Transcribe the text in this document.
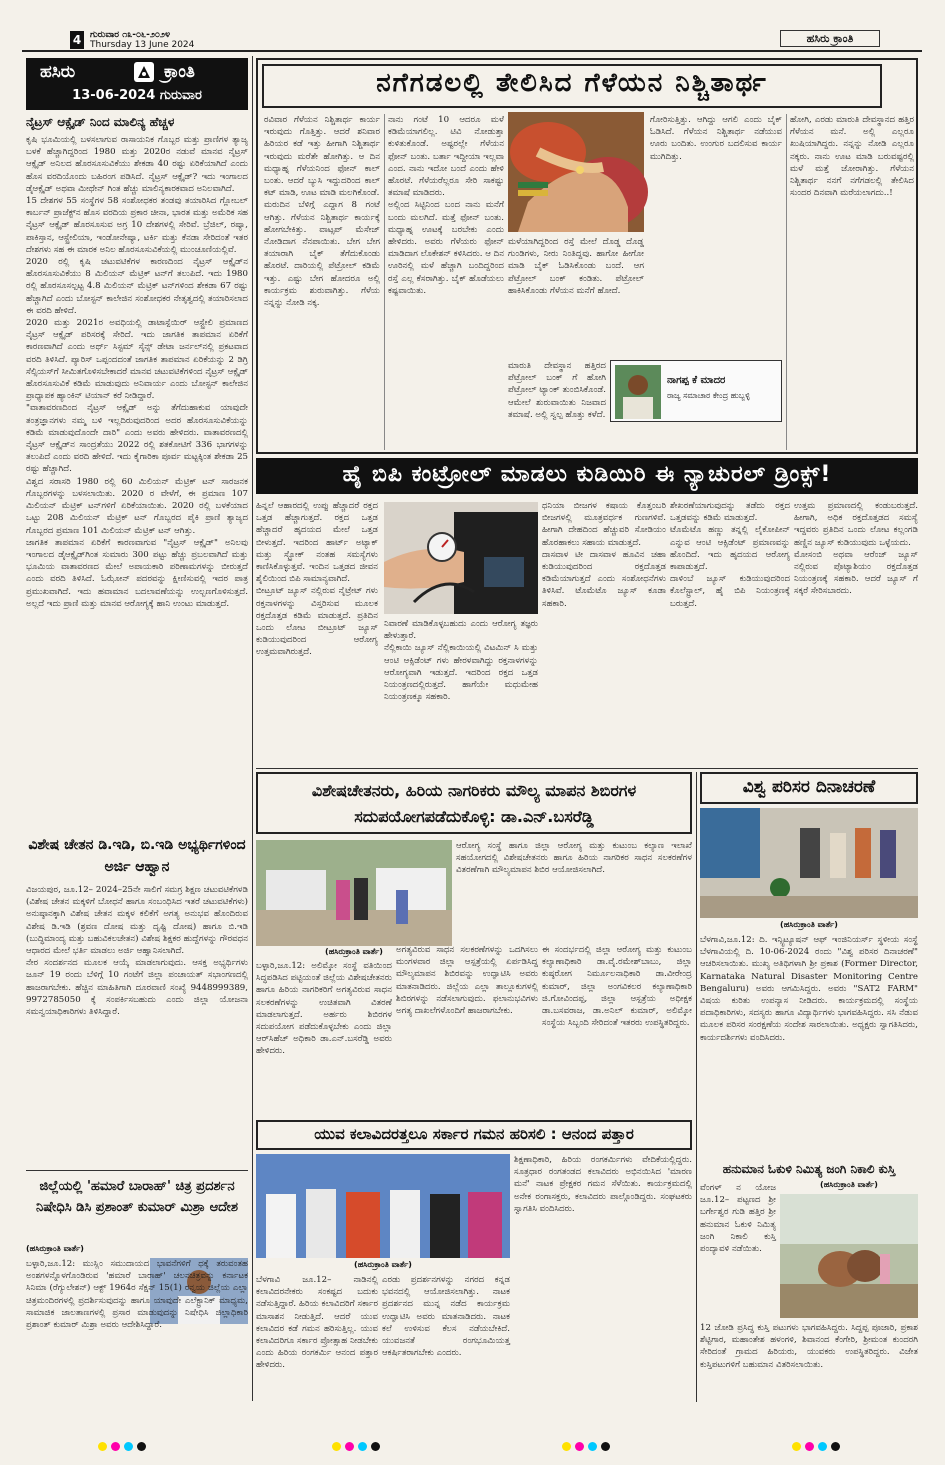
4 ಗುರುವಾರ ೧೩-೦೬-೨೦೨೪
Thursday 13 June 2024	ಹಸಿರು ಕ್ರಾಂತಿ
ಹಸಿರು	ಕ್ರಾಂತಿ
13-06-2024 ಗುರುವಾರ
ನೈಟ್ರಸ್ ಆಕ್ಸೈಡ್ ನಿಂದ ಮಾಲಿನ್ಯ ಹೆಚ್ಚಳ
ಕೃಷಿ ಭೂಮಿಯಲ್ಲಿ ಬಳಸಲಾಗುವ ರಾಸಾಯನಿಕ ಗೊಬ್ಬರ ಮತ್ತು ಪ್ರಾಣಿಗಳ ತ್ಯಾಜ್ಯ ಬಳಕೆ ಹೆಚ್ಚಾಗಿದ್ದರಿಂದ 1980 ಮತ್ತು 2020ರ ನಡುವೆ ಮಾನವ ನೈಟ್ರಸ್ ಆಕ್ಸೈಡ್ ಅನಿಲದ ಹೊರಸೂಸುವಿಕೆಯು ಶೇಕಡಾ 40 ರಷ್ಟು ಏರಿಕೆಯಾಗಿದೆ ಎಂದು ಹೊಸ ವರದಿಯೊಂದು ಬಹಿರಂಗ ಪಡಿಸಿದೆ. ನೈಟ್ರಸ್ ಆಕ್ಸೈಡ್? ಇದು ಇಂಗಾಲದ ಡೈಆಕ್ಸೈಡ್ ಅಥವಾ ಮೀಥೇನ್ ಗಿಂತ ಹೆಚ್ಚು ಮಾಲಿನ್ಯಕಾರಕವಾದ ಅನಿಲವಾಗಿದೆ.
15 ದೇಶಗಳ 55 ಸಂಸ್ಥೆಗಳ 58 ಸಂಶೋಧಕರ ತಂಡವು ತಯಾರಿಸಿದ ಗ್ಲೋಬಲ್ ಕಾರ್ಬನ್ ಪ್ರಾಜೆಕ್ಟ್‌ನ ಹೊಸ ವರದಿಯ ಪ್ರಕಾರ ಚೀನಾ, ಭಾರತ ಮತ್ತು ಅಮೆರಿಕ ಸಹ ನೈಟ್ರಸ್ ಆಕ್ಸೈಡ್ ಹೊರಸೂಸುವ ಅಗ್ರ 10 ದೇಶಗಳಲ್ಲಿ ಸೇರಿವೆ. ಬ್ರೆಜಿಲ್, ರಷ್ಯಾ, ಪಾಕಿಸ್ತಾನ, ಆಸ್ಟ್ರೇಲಿಯಾ, ಇಂಡೋನೇಷ್ಯಾ, ಟರ್ಕಿ ಮತ್ತು ಕೆನಡಾ ಸೇರಿದಂತೆ ಇತರ ದೇಶಗಳು ಸಹ ಈ ಮಾರಕ ಅನಿಲ ಹೊರಸೂಸುವಿಕೆಯಲ್ಲಿ ಮುಂಚೂಣಿಯಲ್ಲಿವೆ.
2020 ರಲ್ಲಿ ಕೃಷಿ ಚಟುವಟಿಕೆಗಳ ಕಾರಣದಿಂದ ನೈಟ್ರಸ್ ಆಕ್ಸೈಡ್‌ನ ಹೊರಸೂಸುವಿಕೆಯು 8 ಮಿಲಿಯನ್ ಮೆಟ್ರಿಕ್ ಟನ್‌ಗೆ ತಲುಪಿದೆ. ಇದು 1980 ರಲ್ಲಿ ಹೊರಸೂಸಲ್ಪಟ್ಟ 4.8 ಮಿಲಿಯನ್ ಮೆಟ್ರಿಕ್ ಟನ್‌ಗಳಿಂದ ಶೇಕಡಾ 67 ರಷ್ಟು ಹೆಚ್ಚಾಗಿದೆ ಎಂದು ಬೋಸ್ಟನ್ ಕಾಲೇಜಿನ ಸಂಶೋಧಕರ ನೇತೃತ್ವದಲ್ಲಿ ತಯಾರಿಸಲಾದ ಈ ವರದಿ ಹೇಳಿದೆ.
2020 ಮತ್ತು 2021ರ ಅವಧಿಯಲ್ಲಿ ಡಾಟಾಸ್ಪೆಯಿರ್ ಆಸ್ಟ್ರೇಲಿ ಪ್ರಮಾಣದ ನೈಟ್ರಸ್ ಆಕ್ಸೈಡ್ ಪರಿಸರಕ್ಕೆ ಸೇರಿದೆ. ಇದು ಜಾಗತಿಕ ತಾಪಮಾನ ಏರಿಕೆಗೆ ಕಾರಣವಾಗಿದೆ ಎಂದು ಅರ್ಥ್ ಸಿಸ್ಟಮ್ ಸೈನ್ಸ್ ಡೇಟಾ ಜರ್ನಲ್‌ನಲ್ಲಿ ಪ್ರಕಟವಾದ ವರದಿ ತಿಳಿಸಿದೆ. ಪ್ಯಾರಿಸ್ ಒಪ್ಪಂದದಂತೆ ಜಾಗತಿಕ ತಾಪಮಾನ ಏರಿಕೆಯನ್ನು 2 ಡಿಗ್ರಿ ಸೆಲ್ಸಿಯಸ್‌ಗೆ ಸೀಮಿತಗೊಳಿಸಬೇಕಾದರೆ ಮಾನವ ಚಟುವಟಿಕೆಗಳಿಂದ ನೈಟ್ರಸ್ ಆಕ್ಸೈಡ್ ಹೊರಸೂಸುವಿಕೆ ಕಡಿಮೆ ಮಾಡುವುದು ಅನಿವಾರ್ಯ ಎಂದು ಬೋಸ್ಟನ್ ಕಾಲೇಜಿನ ಪ್ರಾಧ್ಯಾಪಕ ಹ್ಯಾಂಕಿನ್ ಟಿಯಾನ್ ಕರೆ ನೀಡಿದ್ದಾರೆ.
"ವಾತಾವರಣದಿಂದ ನೈಟ್ರಸ್ ಆಕ್ಸೈಡ್ ಅನ್ನು ತೆಗೆದುಹಾಕುವ ಯಾವುದೇ ತಂತ್ರಜ್ಞಾನಗಳು ನಮ್ಮ ಬಳಿ ಇಲ್ಲದಿರುವುದರಿಂದ ಅದರ ಹೊರಸೂಸುವಿಕೆಯನ್ನು ಕಡಿಮೆ ಮಾಡುವುದೊಂದೇ ದಾರಿ" ಎಂದು ಅವರು ಹೇಳಿದರು. ವಾತಾವರಣದಲ್ಲಿ ನೈಟ್ರಸ್ ಆಕ್ಸೈಡ್‌ನ ಸಾಂದ್ರತೆಯು 2022 ರಲ್ಲಿ ಶತಕೋಟಿಗೆ 336 ಭಾಗಗಳನ್ನು ತಲುಪಿದೆ ಎಂದು ವರದಿ ಹೇಳಿದೆ. ಇದು ಕೈಗಾರಿಕಾ ಪೂರ್ವ ಮಟ್ಟಕ್ಕಿಂತ ಶೇಕಡಾ 25 ರಷ್ಟು ಹೆಚ್ಚಾಗಿದೆ.
ವಿಶ್ವದ ಸರಾಸರಿ 1980 ರಲ್ಲಿ 60 ಮಿಲಿಯನ್ ಮೆಟ್ರಿಕ್ ಟನ್ ಸಾರಜನಕ ಗೊಬ್ಬರಗಳನ್ನು ಬಳಸಲಾಯಿತು. 2020 ರ ವೇಳೆಗೆ, ಈ ಪ್ರಮಾಣ 107 ಮಿಲಿಯನ್ ಮೆಟ್ರಿಕ್ ಟನ್‌ಗಳಿಗೆ ಏರಿಕೆಯಾಯಿತು. 2020 ರಲ್ಲಿ ಬಳಕೆಯಾದ ಒಟ್ಟು 208 ಮಿಲಿಯನ್ ಮೆಟ್ರಿಕ್ ಟನ್ ಗೊಬ್ಬರದ ಪೈಕಿ ಪ್ರಾಣಿ ತ್ಯಾಜ್ಯದ ಗೊಬ್ಬರದ ಪ್ರಮಾಣ 101 ಮಿಲಿಯನ್ ಮೆಟ್ರಿಕ್ ಟನ್ ಆಗಿತ್ತು.
ಜಾಗತಿಕ ತಾಪಮಾನ ಏರಿಕೆಗೆ ಕಾರಣವಾಗುವ "ನೈಟ್ರಸ್ ಆಕ್ಸೈಡ್" ಅನಿಲವು ಇಂಗಾಲದ ಡೈಆಕ್ಸೈಡ್‌ಗಿಂತ ಸುಮಾರು 300 ಪಟ್ಟು ಹೆಚ್ಚು ಪ್ರಬಲವಾಗಿದೆ ಮತ್ತು ಭೂಮಿಯ ವಾತಾವರಣದ ಮೇಲೆ ಅಪಾಯಕಾರಿ ಪರಿಣಾಮಗಳನ್ನು ಬೀರುತ್ತದೆ ಎಂದು ವರದಿ ತಿಳಿಸಿದೆ. ಓಝೋನ್ ಪದರವನ್ನು ಕ್ಷೀಣಿಸುವಲ್ಲಿ ಇದರ ಪಾತ್ರ ಪ್ರಮುಖವಾಗಿದೆ. ಇದು ಹವಾಮಾನ ಬದಲಾವಣೆಯನ್ನು ಉಲ್ಬಣಗೊಳಿಸುತ್ತದೆ. ಅಲ್ಲದೆ ಇದು ಪ್ರಾಣಿ ಮತ್ತು ಮಾನವ ಆರೋಗ್ಯಕ್ಕೆ ಹಾನಿ ಉಂಟು ಮಾಡುತ್ತದೆ.
ನಗೆಗಡಲಲ್ಲಿ ತೇಲಿಸಿದ ಗೆಳೆಯನ ನಿಶ್ಚಿತಾರ್ಥ
ರವಿವಾರ ಗೆಳೆಯನ ನಿಶ್ಚಿತಾರ್ಥ ಕಾರ್ಯ ಇರುವುದು ಗೊತ್ತಿತ್ತು. ಆದರೆ ಶನಿವಾರ ಹಿರಿಯರ ಕಡೆ ಇತ್ತು ಹೀಗಾಗಿ ನಿಶ್ಚಿತಾರ್ಥ ಇರುವುದು ಮರೆತೇ ಹೋಗಿತ್ತು. ಆ ದಿನ ಮಧ್ಯಾಹ್ನ ಗೆಳೆಯನಿಂದ ಫೋನ್ ಕಾಲ್ ಬಂತು. ಆದರೆ ಬ್ಯುಸಿ ಇದ್ದುದರಿಂದ ಕಾಲ್ ಕಟ್ ಮಾಡಿ, ಊಟ ಮಾಡಿ ಮಲಗಿಕೊಂಡೆ.
ಮರುದಿನ ಬೆಳಿಗ್ಗೆ ಎದ್ದಾಗ 8 ಗಂಟೆ ಆಗಿತ್ತು. ಗೆಳೆಯನ ನಿಶ್ಚಿತಾರ್ಥ ಕಾರ್ಯಕ್ಕೆ ಹೋಗಬೇಕಿತ್ತು. ವಾಟ್ಸಪ್ ಮೆಸೇಜ್ ನೋಡಿದಾಗ ನೆನಪಾಯಿತು. ಬೇಗ ಬೇಗ ತಯಾರಾಗಿ ಬೈಕ್ ತೆಗೆದುಕೊಂಡು ಹೊರಟೆ. ದಾರಿಯಲ್ಲಿ ಪೆಟ್ರೋಲ್ ಕಡಿಮೆ ಇತ್ತು. ಎಷ್ಟು ಬೇಗ ಹೋದರೂ ಅಲ್ಲಿ ಕಾರ್ಯಕ್ರಮ ಶುರುವಾಗಿತ್ತು. ಗೆಳೆಯ ನನ್ನನ್ನು ನೋಡಿ ನಕ್ಕ.
ನಾನು ಗಂಟೆ 10 ಆದರೂ ಮಳೆ ಕಡಿಮೆಯಾಗಲಿಲ್ಲ. ಟಿವಿ ನೋಡುತ್ತಾ ಕುಳಿತುಕೊಂಡೆ. ಅಷ್ಟರಲ್ಲೇ ಗೆಳೆಯನ ಫೋನ್ ಬಂತು. ಬರ್ತಾ ಇದ್ದೀಯಾ ಇಲ್ಲವಾ ಎಂದ. ನಾನು ಇದೋ ಬಂದೆ ಎಂದು ಹೇಳಿ ಹೊರಟೆ. ಗೆಳೆಯರೆಲ್ಲರೂ ಸೇರಿ ಸಾಕಷ್ಟು ತಮಾಷೆ ಮಾಡಿದರು.
ಅಲ್ಲಿಂದ ಸಿಟ್ಟಿನಿಂದ ಬಂದ ನಾನು ಮನೆಗೆ ಬಂದು ಮಲಗಿದೆ. ಮತ್ತೆ ಫೋನ್ ಬಂತು. ಮಧ್ಯಾಹ್ನ ಊಟಕ್ಕೆ ಬರಬೇಕು ಎಂದು ಹೇಳಿದರು. ಅವರು ಗೆಳೆಯರು ಫೋನ್ ಮಾಡಿದಾಗ ಲೊಕೇಶನ್ ಕಳಿಸಿದರು. ಆ ದಿನ ಊರಿನಲ್ಲಿ ಮಳೆ ಹೆಚ್ಚಾಗಿ ಬಂದಿದ್ದರಿಂದ ರಸ್ತೆ ಎಲ್ಲ ಕೆಸರಾಗಿತ್ತು. ಬೈಕ್ ಹೊಡೆಯಲು ಕಷ್ಟವಾಯಿತು.
ಗೋರಿಸುತ್ತಿತ್ತು. ಆಗಿದ್ದು ಆಗಲಿ ಎಂದು ಬೈಕ್ ಓಡಿಸಿದೆ. ಗೆಳೆಯನ ನಿಶ್ಚಿತಾರ್ಥ ನಡೆಯುವ ಊರು ಬಂದಿತು. ಉಂಗುರ ಬದಲಿಸುವ ಕಾರ್ಯ ಮುಗಿದಿತ್ತು.
ಹೋಗಿ, ಎರಡು ಮಾರುತಿ ದೇವಸ್ಥಾನದ ಹತ್ತಿರ ಗೆಳೆಯನ ಮನೆ. ಅಲ್ಲಿ ಎಲ್ಲರೂ ಖುಷಿಯಾಗಿದ್ದರು. ನನ್ನನ್ನು ನೋಡಿ ಎಲ್ಲರೂ ನಕ್ಕರು. ನಾನು ಊಟ ಮಾಡಿ ಬರುವಷ್ಟರಲ್ಲಿ ಮಳೆ ಮತ್ತೆ ಜೋರಾಗಿತ್ತು. ಗೆಳೆಯನ ನಿಶ್ಚಿತಾರ್ಥ ನನಗೆ ನಗೆಗಡಲಲ್ಲಿ ತೇಲಿಸಿದ ಸುಂದರ ದಿನವಾಗಿ ಮರೆಯಲಾಗದು..!
ಮಳೆಯಾಗಿದ್ದರಿಂದ ರಸ್ತೆ ಮೇಲೆ ದೊಡ್ಡ ದೊಡ್ಡ ಗುಂಡಿಗಳು, ನೀರು ನಿಂತಿದ್ದವು. ಹಾಗೋ ಹೀಗೋ ಮಾಡಿ ಬೈಕ್ ಓಡಿಸಿಕೊಂಡು ಬಂದೆ. ಆಗ ಪೆಟ್ರೋಲ್ ಬಂಕ್ ಕಂಡಿತು. ಪೆಟ್ರೋಲ್ ಹಾಕಿಸಿಕೊಂಡು ಗೆಳೆಯನ ಮನೆಗೆ ಹೋದೆ.
ನಾಗಪ್ಪ ಕೆ ಮಾದರ
ರಾಜ್ಯ ಸಮಾಚಾರ ಕೇಂದ್ರ ಹುಬ್ಬಳ್ಳಿ
ಮಾರುತಿ ದೇವಸ್ಥಾನ ಹತ್ತಿರದ ಪೆಟ್ರೋಲ್ ಬಂಕ್ ಗೆ ಹೋಗಿ ಪೆಟ್ರೋಲ್ ಟ್ಯಾಂಕ್ ತುಂಬಿಸಿಕೊಂಡೆ. ಆಮೇಲೆ ಶುರುವಾಯಿತು ನಿಜವಾದ ತಮಾಷೆ. ಅಲ್ಲಿ ಸ್ವಲ್ಪ ಹೊತ್ತು ಕಳೆದೆ.
ಹೈ ಬಿಪಿ ಕಂಟ್ರೋಲ್ ಮಾಡಲು ಕುಡಿಯಿರಿ ಈ ನ್ಯಾಚುರಲ್ ಡ್ರಿಂಕ್ಸ್!
ಹಿನ್ನಲೆ ಆಹಾರದಲ್ಲಿ ಉಪ್ಪು ಹೆಚ್ಚಾದರೆ ರಕ್ತದ ಒತ್ತಡ ಹೆಚ್ಚಾಗುತ್ತದೆ. ರಕ್ತದ ಒತ್ತಡ ಹೆಚ್ಚಾದರೆ ಹೃದಯದ ಮೇಲೆ ಒತ್ತಡ ಬೀಳುತ್ತದೆ. ಇದರಿಂದ ಹಾರ್ಟ್ ಅಟ್ಯಾಕ್ ಮತ್ತು ಸ್ಟ್ರೋಕ್ ನಂತಹ ಸಮಸ್ಯೆಗಳು ಕಾಣಿಸಿಕೊಳ್ಳುತ್ತವೆ. ಇಂದಿನ ಒತ್ತಡದ ಜೀವನ ಶೈಲಿಯಿಂದ ಬಿಪಿ ಸಾಮಾನ್ಯವಾಗಿದೆ.
ಬೀಟ್ರೂಟ್ ಜ್ಯೂಸ್ ನಲ್ಲಿರುವ ನೈಟ್ರೇಟ್ ಗಳು ರಕ್ತನಾಳಗಳನ್ನು ವಿಸ್ತರಿಸುವ ಮೂಲಕ ರಕ್ತದೊತ್ತಡ ಕಡಿಮೆ ಮಾಡುತ್ತದೆ. ಪ್ರತಿದಿನ ಒಂದು ಲೋಟ ಬೀಟ್ರೂಟ್ ಜ್ಯೂಸ್ ಕುಡಿಯುವುದರಿಂದ ಆರೋಗ್ಯ ಉತ್ತಮವಾಗಿರುತ್ತದೆ.
ನಿವಾರಣೆ ಮಾಡಿಕೊಳ್ಳಬಹುದು ಎಂದು ಆರೋಗ್ಯ ತಜ್ಞರು ಹೇಳುತ್ತಾರೆ.
ನೆಲ್ಲಿಕಾಯಿ ಜ್ಯೂಸ್ ನೆಲ್ಲಿಕಾಯಿಯಲ್ಲಿ ವಿಟಮಿನ್ ಸಿ ಮತ್ತು ಆಂಟಿ ಆಕ್ಸಿಡೆಂಟ್ ಗಳು ಹೇರಳವಾಗಿದ್ದು ರಕ್ತನಾಳಗಳನ್ನು ಆರೋಗ್ಯವಾಗಿ ಇಡುತ್ತದೆ. ಇದರಿಂದ ರಕ್ತದ ಒತ್ತಡ ನಿಯಂತ್ರಣದಲ್ಲಿರುತ್ತದೆ. ಹಾಗೆಯೇ ಮಧುಮೇಹ ನಿಯಂತ್ರಣಕ್ಕೂ ಸಹಕಾರಿ.
ಧನಿಯಾ ಬೀಜಗಳ ಕಷಾಯ ಕೊತ್ತಂಬರಿ ಬೀಜಗಳಲ್ಲಿ ಮೂತ್ರವರ್ಧಕ ಗುಣಗಳಿವೆ. ಹೀಗಾಗಿ ದೇಹದಿಂದ ಹೆಚ್ಚುವರಿ ಸೋಡಿಯಂ ಹೊರಹಾಕಲು ಸಹಾಯ ಮಾಡುತ್ತದೆ.
ದಾಸವಾಳ ಟೀ ದಾಸವಾಳ ಹೂವಿನ ಚಹಾ ಕುಡಿಯುವುದರಿಂದ ರಕ್ತದೊತ್ತಡ ಕಡಿಮೆಯಾಗುತ್ತದೆ ಎಂದು ಸಂಶೋಧನೆಗಳು ತಿಳಿಸಿವೆ. ಟೊಮೆಟೊ ಜ್ಯೂಸ್ ಕೂಡಾ ಸಹಕಾರಿ.
ಶೇಖರಣೆಯಾಗುವುದನ್ನು ತಡೆದು ರಕ್ತದ ಒತ್ತಡವನ್ನು ಕಡಿಮೆ ಮಾಡುತ್ತದೆ.
ಟೊಮೆಟೊ ಹಣ್ಣು ತನ್ನಲ್ಲಿ ಲೈಕೋಪೀನ್ ಎನ್ನುವ ಆಂಟಿ ಆಕ್ಸಿಡೆಂಟ್ ಪ್ರಮಾಣವನ್ನು ಹೊಂದಿದೆ. ಇದು ಹೃದಯದ ಆರೋಗ್ಯ ಕಾಪಾಡುತ್ತದೆ.
ದಾಳಿಂಬೆ ಜ್ಯೂಸ್ ಕುಡಿಯುವುದರಿಂದ ಕೊಲೆಸ್ಟ್ರಾಲ್, ಹೈ ಬಿಪಿ ನಿಯಂತ್ರಣಕ್ಕೆ ಬರುತ್ತದೆ.
ಉತ್ತಮ ಪ್ರಮಾಣದಲ್ಲಿ ಕಂಡುಬರುತ್ತದೆ. ಹೀಗಾಗಿ, ಅಧಿಕ ರಕ್ತದೊತ್ತಡದ ಸಮಸ್ಯೆ ಇದ್ದವರು ಪ್ರತಿದಿನ ಒಂದು ಲೋಟ ಕಲ್ಲಂಗಡಿ ಹಣ್ಣಿನ ಜ್ಯೂಸ್ ಕುಡಿಯುವುದು ಒಳ್ಳೆಯದು.
ಮೋಸಂಬಿ ಅಥವಾ ಆರೆಂಜ್ ಜ್ಯೂಸ್ ನಲ್ಲಿರುವ ಪೊಟ್ಯಾಶಿಯಂ ರಕ್ತದೊತ್ತಡ ನಿಯಂತ್ರಣಕ್ಕೆ ಸಹಕಾರಿ. ಆದರೆ ಜ್ಯೂಸ್ ಗೆ ಸಕ್ಕರೆ ಸೇರಿಸಬಾರದು.
ವಿಶೇಷಚೇತನರು, ಹಿರಿಯ ನಾಗರಿಕರು ಮೌಲ್ಯ ಮಾಪನ ಶಿಬಿರಗಳ ಸದುಪಯೋಗಪಡೆದುಕೊಳ್ಳಿ: ಡಾ.ಎನ್.ಬಸರೆಡ್ಡಿ
(ಹಸಿರುಕ್ರಾಂತಿ ವಾರ್ತೆ)
ಆರೋಗ್ಯ ಸಂಸ್ಥೆ ಹಾಗೂ ಜಿಲ್ಲಾ ಆರೋಗ್ಯ ಮತ್ತು ಕುಟುಂಬ ಕಲ್ಯಾಣ ಇಲಾಖೆ ಸಹಯೋಗದಲ್ಲಿ ವಿಶೇಷಚೇತನರು ಹಾಗೂ ಹಿರಿಯ ನಾಗರಿಕರ ಸಾಧನ ಸಲಕರಣೆಗಳ ವಿತರಣೆಗಾಗಿ ಮೌಲ್ಯಮಾಪನ ಶಿಬಿರ ಆಯೋಜಿಸಲಾಗಿದೆ.
ಬಳ್ಳಾರಿ,ಜೂ.12: ಅಲಿಮ್ಕೋ ಸಂಸ್ಥೆ ವತಿಯಿಂದ ಸಿದ್ಧಪಡಿಸಿದ ಪಟ್ಟಿಯಂತೆ ಜಿಲ್ಲೆಯ ವಿಶೇಷಚೇತನರು ಹಾಗೂ ಹಿರಿಯ ನಾಗರಿಕರಿಗೆ ಅಗತ್ಯವಿರುವ ಸಾಧನ ಸಲಕರಣೆಗಳನ್ನು ಉಚಿತವಾಗಿ ವಿತರಣೆ ಮಾಡಲಾಗುತ್ತದೆ. ಅರ್ಹರು ಶಿಬಿರಗಳ ಸದುಪಯೋಗ ಪಡೆದುಕೊಳ್ಳಬೇಕು ಎಂದು ಜಿಲ್ಲಾ ಆರ್‌ಸಿಹೆಚ್ ಅಧಿಕಾರಿ ಡಾ.ಎನ್.ಬಸರೆಡ್ಡಿ ಅವರು ಹೇಳಿದರು.
ಅಗತ್ಯವಿರುವ ಸಾಧನ ಸಲಕರಣೆಗಳನ್ನು ಒದಗಿಸಲು ಮಂಗಳವಾರ ಜಿಲ್ಲಾ ಆಸ್ಪತ್ರೆಯಲ್ಲಿ ಏರ್ಪಡಿಸಿದ್ದ ಮೌಲ್ಯಮಾಪನ ಶಿಬಿರವನ್ನು ಉದ್ಘಾಟಿಸಿ ಅವರು ಮಾತನಾಡಿದರು. ಜಿಲ್ಲೆಯ ಎಲ್ಲಾ ತಾಲ್ಲೂಕುಗಳಲ್ಲಿ ಶಿಬಿರಗಳನ್ನು ನಡೆಸಲಾಗುವುದು. ಫಲಾನುಭವಿಗಳು ಅಗತ್ಯ ದಾಖಲೆಗಳೊಂದಿಗೆ ಹಾಜರಾಗಬೇಕು.
ಈ ಸಂದರ್ಭದಲ್ಲಿ ಜಿಲ್ಲಾ ಆರೋಗ್ಯ ಮತ್ತು ಕುಟುಂಬ ಕಲ್ಯಾಣಾಧಿಕಾರಿ ಡಾ.ವೈ.ರಮೇಶ್‌ಬಾಬು, ಜಿಲ್ಲಾ ಕುಷ್ಠರೋಗ ನಿರ್ಮೂಲನಾಧಿಕಾರಿ ಡಾ.ವೀರೇಂದ್ರ ಕುಮಾರ್, ಜಿಲ್ಲಾ ಅಂಗವಿಕಲರ ಕಲ್ಯಾಣಾಧಿಕಾರಿ ಜಿ.ಗೋವಿಂದಪ್ಪ, ಜಿಲ್ಲಾ ಆಸ್ಪತ್ರೆಯ ಅಧೀಕ್ಷಕ ಡಾ.ಬಸವರಾಜ, ಡಾ.ಅನಿಲ್ ಕುಮಾರ್, ಅಲಿಮ್ಕೋ ಸಂಸ್ಥೆಯ ಸಿಬ್ಬಂದಿ ಸೇರಿದಂತೆ ಇತರರು ಉಪಸ್ಥಿತರಿದ್ದರು.
ವಿಶ್ವ ಪರಿಸರ ದಿನಾಚರಣೆ
(ಹಸಿರುಕ್ರಾಂತಿ ವಾರ್ತೆ)
ಬೆಳಗಾವಿ,ಜೂ.12: ದಿ. ಇನ್ಸ್ಟಿಟ್ಯೂಷನ್ ಆಫ್ ಇಂಜಿನಿಯರ್ಸ್ ಸ್ಥಳೀಯ ಸಂಸ್ಥೆ ಬೆಳಗಾವಿಯಲ್ಲಿ ದಿ. 10-06-2024 ರಂದು "ವಿಶ್ವ ಪರಿಸರ ದಿನಾಚರಣೆ" ಆಚರಿಸಲಾಯಿತು. ಮುಖ್ಯ ಅತಿಥಿಗಳಾಗಿ ಶ್ರೀ ಪ್ರಕಾಶ (Former Director, Karnataka Natural Disaster Monitoring Centre Bengaluru) ಅವರು ಆಗಮಿಸಿದ್ದರು. ಅವರು "SAT2 FARM" ವಿಷಯ ಕುರಿತು ಉಪನ್ಯಾಸ ನೀಡಿದರು. ಕಾರ್ಯಕ್ರಮದಲ್ಲಿ ಸಂಸ್ಥೆಯ ಪದಾಧಿಕಾರಿಗಳು, ಸದಸ್ಯರು ಹಾಗೂ ವಿದ್ಯಾರ್ಥಿಗಳು ಭಾಗವಹಿಸಿದ್ದರು. ಸಸಿ ನೆಡುವ ಮೂಲಕ ಪರಿಸರ ಸಂರಕ್ಷಣೆಯ ಸಂದೇಶ ಸಾರಲಾಯಿತು. ಅಧ್ಯಕ್ಷರು ಸ್ವಾಗತಿಸಿದರು, ಕಾರ್ಯದರ್ಶಿಗಳು ವಂದಿಸಿದರು.
ವಿಶೇಷ ಚೇತನ ಡಿ.ಇಡಿ, ಬಿ.ಇಡಿ ಅಭ್ಯರ್ಥಿಗಳಿಂದ ಅರ್ಜಿ ಆಹ್ವಾನ
ವಿಜಯಪುರ, ಜೂ.12– 2024–25ನೇ ಸಾಲಿಗೆ ಸಮಗ್ರ ಶಿಕ್ಷಣ ಚಟುವಟಿಕೆಗಳಡಿ (ವಿಶೇಷ ಚೇತನ ಮಕ್ಕಳಿಗೆ ಬೋಧನೆ ಹಾಗೂ ಸಂಬಂಧಿಸಿದ ಇತರೆ ಚಟುವಟಿಕೆಗಳು) ಅನುಷ್ಠಾನಕ್ಕಾಗಿ ವಿಶೇಷ ಚೇತನ ಮಕ್ಕಳ ಕಲಿಕೆಗೆ ಅಗತ್ಯ ಅನುಭವ ಹೊಂದಿರುವ ವಿಶೇಷ ಡಿ.ಇಡಿ (ಶ್ರವಣ ದೋಷ ಮತ್ತು ದೃಷ್ಟಿ ದೋಷ) ಹಾಗೂ ಬಿ.ಇಡಿ (ಬುದ್ಧಿಮಾಂದ್ಯ ಮತ್ತು ಬಹುವಿಕಲಚೇತನ) ವಿಶೇಷ ಶಿಕ್ಷಕರ ಹುದ್ದೆಗಳನ್ನು ಗೌರವಧನ ಆಧಾರದ ಮೇಲೆ ಭರ್ತಿ ಮಾಡಲು ಅರ್ಜಿ ಆಹ್ವಾನಿಸಲಾಗಿದೆ.
ನೇರ ಸಂದರ್ಶನದ ಮೂಲಕ ಆಯ್ಕೆ ಮಾಡಲಾಗುವುದು. ಆಸಕ್ತ ಅಭ್ಯರ್ಥಿಗಳು ಜೂನ್ 19 ರಂದು ಬೆಳಿಗ್ಗೆ 10 ಗಂಟೆಗೆ ಜಿಲ್ಲಾ ಪಂಚಾಯತ್ ಸಭಾಂಗಣದಲ್ಲಿ ಹಾಜರಾಗಬೇಕು. ಹೆಚ್ಚಿನ ಮಾಹಿತಿಗಾಗಿ ದೂರವಾಣಿ ಸಂಖ್ಯೆ 9448999389, 9972785050 ಕ್ಕೆ ಸಂಪರ್ಕಿಸಬಹುದು ಎಂದು ಜಿಲ್ಲಾ ಯೋಜನಾ ಸಮನ್ವಯಾಧಿಕಾರಿಗಳು ತಿಳಿಸಿದ್ದಾರೆ.
ಜಿಲ್ಲೆಯಲ್ಲಿ 'ಹಮಾರೆ ಬಾರಾಹ್' ಚಿತ್ರ ಪ್ರದರ್ಶನ ನಿಷೇಧಿಸಿ ಡಿಸಿ ಪ್ರಶಾಂತ್ ಕುಮಾರ್ ಮಿಶ್ರಾ ಆದೇಶ
(ಹಸಿರುಕ್ರಾಂತಿ ವಾರ್ತೆ)
ಬಳ್ಳಾರಿ,ಜೂ.12: ಮುಸ್ಲಿಂ ಸಮುದಾಯದ ಭಾವನೆಗಳಿಗೆ ಧಕ್ಕೆ ತರುವಂತಹ ಅಂಶಗಳನ್ನೊಳಗೊಂಡಿರುವ 'ಹಮಾರೆ ಬಾರಾಹ್' ಚಲನಚಿತ್ರವನ್ನು ಕರ್ನಾಟಕ ಸಿನಿಮಾ (ರೆಗ್ಯುಲೇಶನ್) ಆಕ್ಟ್ 1964ರ ಸೆಕ್ಷನ್ 15(1) ರನ್ವಯ ಜಿಲ್ಲೆಯ ಎಲ್ಲಾ ಚಿತ್ರಮಂದಿರಗಳಲ್ಲಿ ಪ್ರದರ್ಶಿಸುವುದನ್ನು ಹಾಗೂ ಯಾವುದೇ ಎಲೆಕ್ಟ್ರಾನಿಕ್ ಮಾಧ್ಯಮ, ಸಾಮಾಜಿಕ ಜಾಲತಾಣಗಳಲ್ಲಿ ಪ್ರಸಾರ ಮಾಡುವುದನ್ನು ನಿಷೇಧಿಸಿ ಜಿಲ್ಲಾಧಿಕಾರಿ ಪ್ರಶಾಂತ್ ಕುಮಾರ್ ಮಿಶ್ರಾ ಅವರು ಆದೇಶಿಸಿದ್ದಾರೆ.
ಯುವ ಕಲಾವಿದರತ್ತಲೂ ಸರ್ಕಾರ ಗಮನ ಹರಿಸಲಿ : ಆನಂದ ಪತ್ತಾರ
(ಹಸಿರುಕ್ರಾಂತಿ ವಾರ್ತೆ)
ಬೆಳಗಾವಿ ಜೂ.12– ನಾಡಿನಲ್ಲಿ ಕಲಾವಿದರನೇಕರು ಸಂಕಷ್ಟದ ಬದುಕು ನಡೆಸುತ್ತಿದ್ದಾರೆ. ಹಿರಿಯ ಕಲಾವಿದರಿಗೆ ಸರ್ಕಾರ ಮಾಸಾಶನ ನೀಡುತ್ತಿದೆ. ಆದರೆ ಯುವ ಕಲಾವಿದರ ಕಡೆ ಗಮನ ಹರಿಸುತ್ತಿಲ್ಲ. ಯುವ ಕಲಾವಿದರಿಗೂ ಸರ್ಕಾರ ಪ್ರೋತ್ಸಾಹ ನೀಡಬೇಕು ಎಂದು ಹಿರಿಯ ರಂಗಕರ್ಮಿ ಆನಂದ ಪತ್ತಾರ ಹೇಳಿದರು.
ಎರಡು ಪ್ರದರ್ಶನಗಳನ್ನು ನಗರದ ಕನ್ನಡ ಭವನದಲ್ಲಿ ಆಯೋಜಿಸಲಾಗಿತ್ತು. ನಾಟಕ ಪ್ರದರ್ಶನದ ಮುನ್ನ ನಡೆದ ಕಾರ್ಯಕ್ರಮ ಉದ್ಘಾಟಿಸಿ ಅವರು ಮಾತನಾಡಿದರು. ನಾಟಕ ಕಲೆ ಉಳಿಸುವ ಕೆಲಸ ನಡೆಯಬೇಕಿದೆ. ಯುವಜನತೆ ರಂಗಭೂಮಿಯತ್ತ ಆಕರ್ಷಿತರಾಗಬೇಕು ಎಂದರು.
ಶಿಕ್ಷಣಾಧಿಕಾರಿ, ಹಿರಿಯ ರಂಗಕರ್ಮಿಗಳು ವೇದಿಕೆಯಲ್ಲಿದ್ದರು. ಸೂತ್ರಧಾರ ರಂಗತಂಡದ ಕಲಾವಿದರು ಅಭಿನಯಿಸಿದ 'ಮಾರಣ ಮನೆ' ನಾಟಕ ಪ್ರೇಕ್ಷಕರ ಗಮನ ಸೆಳೆಯಿತು. ಕಾರ್ಯಕ್ರಮದಲ್ಲಿ ಅನೇಕ ರಂಗಾಸಕ್ತರು, ಕಲಾವಿದರು ಪಾಲ್ಗೊಂಡಿದ್ದರು. ಸಂಘಟಕರು ಸ್ವಾಗತಿಸಿ ವಂದಿಸಿದರು.
ಹನುಮಾನ ಓಕುಳಿ ನಿಮಿತ್ಯ ಜಂಗಿ ನಿಕಾಲಿ ಕುಸ್ತಿ
(ಹಸಿರುಕ್ರಾಂತಿ ವಾರ್ತೆ)
ವೆಂಗಳ್ ನ ಯೋಜ ಜೂ.12– ಪಟ್ಟಣದ ಶ್ರೀ ಬರ್ಗೇಶ್ವರ ಗುಡಿ ಹತ್ತಿರ ಶ್ರೀ ಹನುಮಾನ ಓಕುಳಿ ನಿಮಿತ್ಯ ಜಂಗಿ ನಿಕಾಲಿ ಕುಸ್ತಿ ಪಂದ್ಯಾವಳಿ ನಡೆಯಿತು.
12 ಜೋಡಿ ಪ್ರಸಿದ್ಧ ಕುಸ್ತಿ ಪಟುಗಳು ಭಾಗವಹಿಸಿದ್ದರು. ಸಿದ್ದಪ್ಪ ಪೂಜಾರಿ, ಪ್ರಕಾಶ ಶೆಟ್ಟಿಗಾರ, ಮಹಾಂತೇಶ ಹಳಂಗಳಿ, ಶಿವಾನಂದ ಕೆಂಗೇರಿ, ಶ್ರೀಮಂತ ಕುಂದರಗಿ ಸೇರಿದಂತೆ ಗ್ರಾಮದ ಹಿರಿಯರು, ಯುವಕರು ಉಪಸ್ಥಿತರಿದ್ದರು. ವಿಜೇತ ಕುಸ್ತಿಪಟುಗಳಿಗೆ ಬಹುಮಾನ ವಿತರಿಸಲಾಯಿತು.
